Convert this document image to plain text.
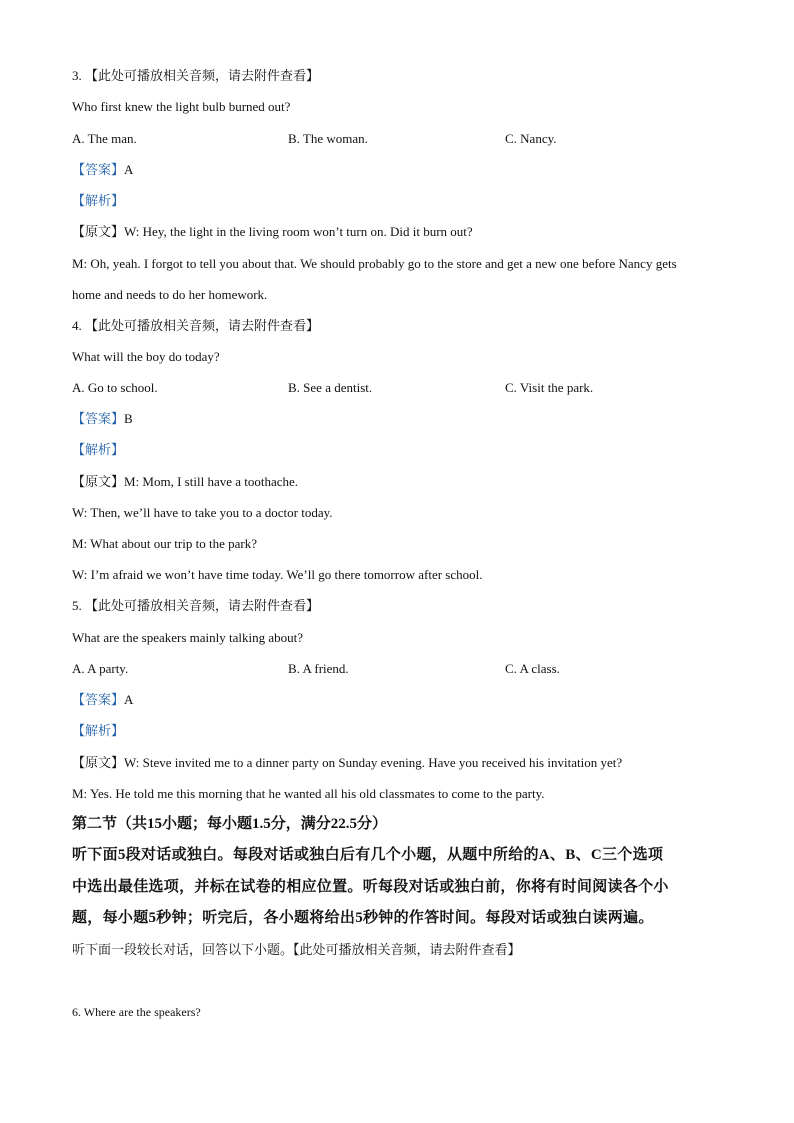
3. 【此处可播放相关音频，请去附件查看】
Who first knew the light bulb burned out?
A. The man.	B. The woman.	C. Nancy.
【答案】A
【解析】
【原文】W: Hey, the light in the living room won’t turn on. Did it burn out?
M: Oh, yeah. I forgot to tell you about that. We should probably go to the store and get a new one before Nancy gets
home and needs to do her homework.
4. 【此处可播放相关音频，请去附件查看】
What will the boy do today?
A. Go to school.	B. See a dentist.	C. Visit the park.
【答案】B
【解析】
【原文】M: Mom, I still have a toothache.
W: Then, we’ll have to take you to a doctor today.
M: What about our trip to the park?
W: I’m afraid we won’t have time today. We’ll go there tomorrow after school.
5. 【此处可播放相关音频，请去附件查看】
What are the speakers mainly talking about?
A. A party.	B. A friend.	C. A class.
【答案】A
【解析】
【原文】W: Steve invited me to a dinner party on Sunday evening. Have you received his invitation yet?
M: Yes. He told me this morning that he wanted all his old classmates to come to the party.
第二节（共15小题；每小题1.5分，满分22.5分）
听下面5段对话或独白。每段对话或独白后有几个小题，从题中所给的A、B、C三个选项
中选出最佳选项，并标在试卷的相应位置。听每段对话或独白前，你将有时间阅读各个小
题，每小题5秒钟；听完后，各小题将给出5秒钟的作答时间。每段对话或独白读两遍。
听下面一段较长对话，回答以下小题。【此处可播放相关音频，请去附件查看】
6. Where are the speakers?
